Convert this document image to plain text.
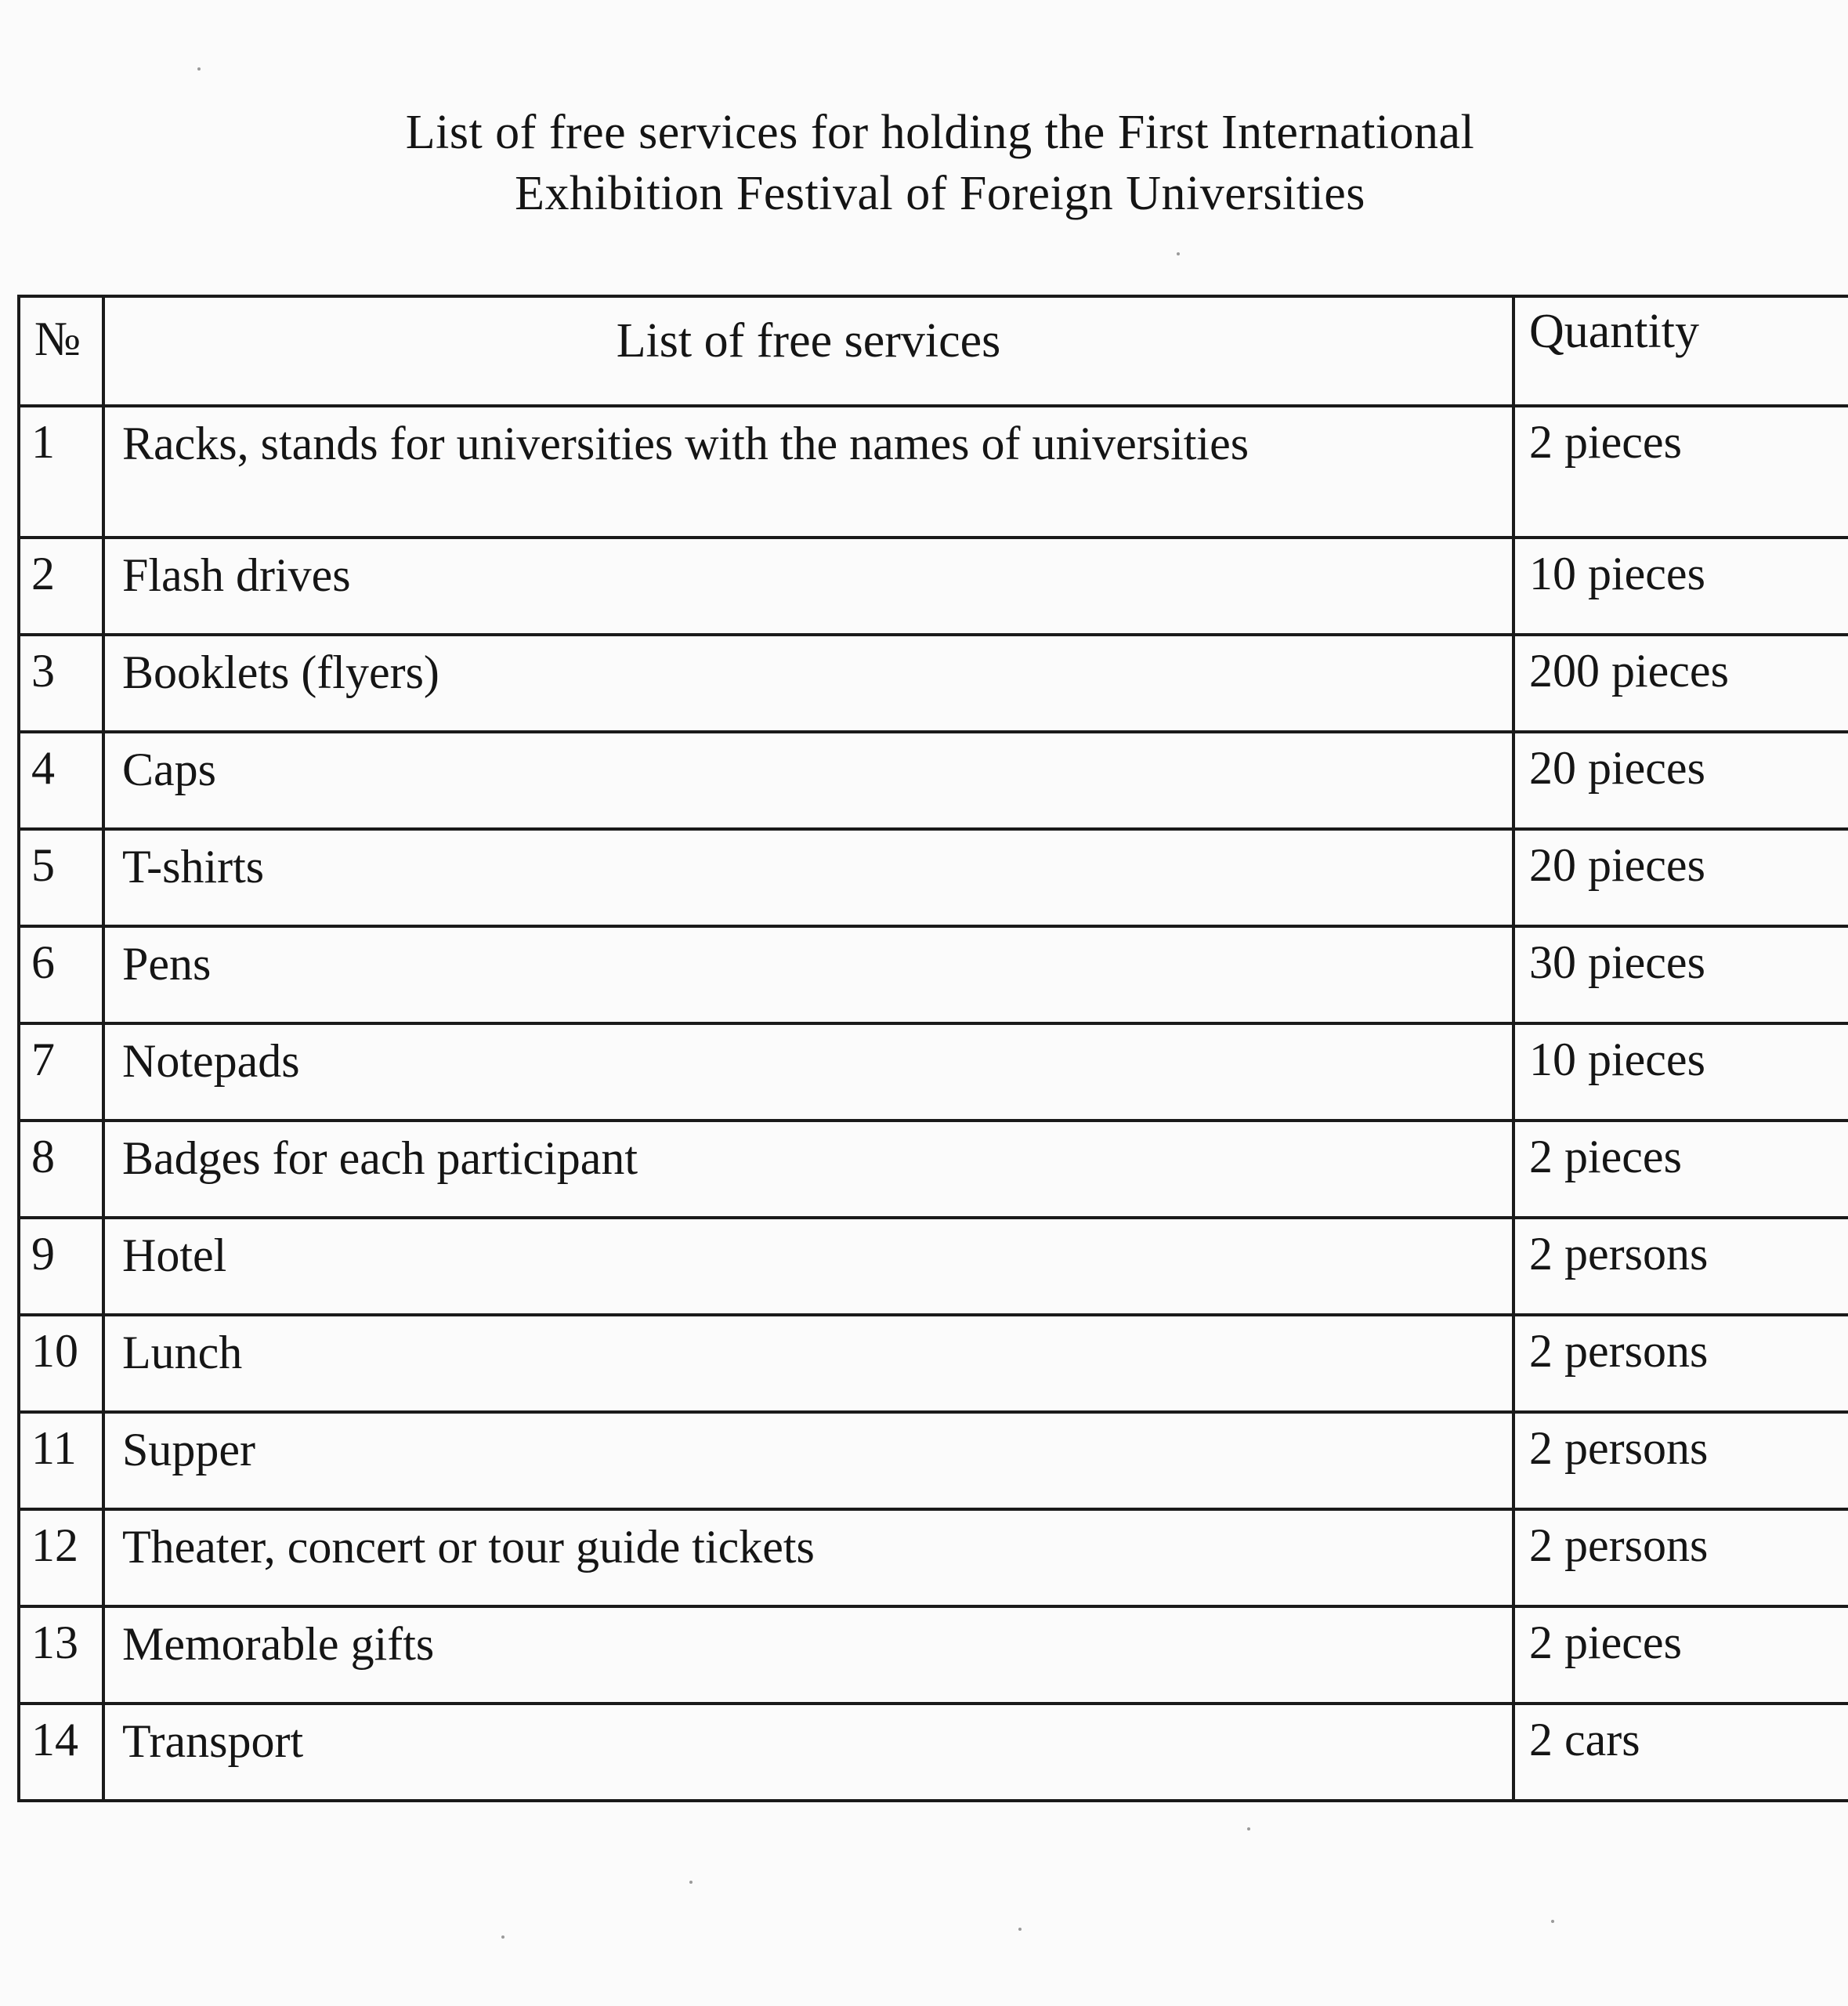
List of free services for holding the First International
Exhibition Festival of Foreign Universities
№	List of free services	Quantity
1	Racks, stands for universities with the names of universities	2 pieces
2	Flash drives	10 pieces
3	Booklets (flyers)	200 pieces
4	Caps	20 pieces
5	T-shirts	20 pieces
6	Pens	30 pieces
7	Notepads	10 pieces
8	Badges for each participant	2 pieces
9	Hotel	2 persons
10	Lunch	2 persons
11	Supper	2 persons
12	Theater, concert or tour guide tickets	2 persons
13	Memorable gifts	2 pieces
14	Transport	2 cars
